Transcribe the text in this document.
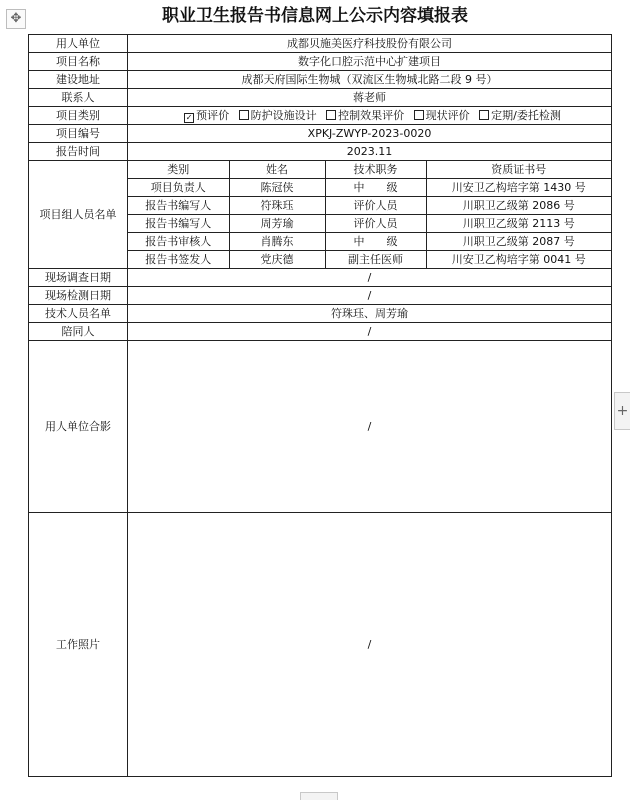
✥	职业卫生报告书信息网上公示内容填报表
用人单位	成都贝施美医疗科技股份有限公司
项目名称	数字化口腔示范中心扩建项目
建设地址	成都天府国际生物城（双流区生物城北路二段 9 号）
联系人	蒋老师
项目类别	✓ 预评价 防护设施设计 控制效果评价 现状评价 定期/委托检测
项目编号	XPKJ-ZWYP-2023-0020
报告时间	2023.11
项目组人员名单	
类别	姓名	技术职务	资质证书号
项目负责人	陈冠侠	中　　级	川安卫乙构培字第 1430 号
报告书编写人	符珠珏	评价人员	川职卫乙级第 2086 号
报告书编写人	周芳瑜	评价人员	川职卫乙级第 2113 号
报告书审核人	肖腾东	中　　级	川职卫乙级第 2087 号
报告书签发人	党庆德	副主任医师	川安卫乙构培字第 0041 号

现场调查日期	/
现场检测日期	/
技术人员名单	符珠珏、周芳瑜
陪同人	/
用人单位合影	/
工作照片	/
+
